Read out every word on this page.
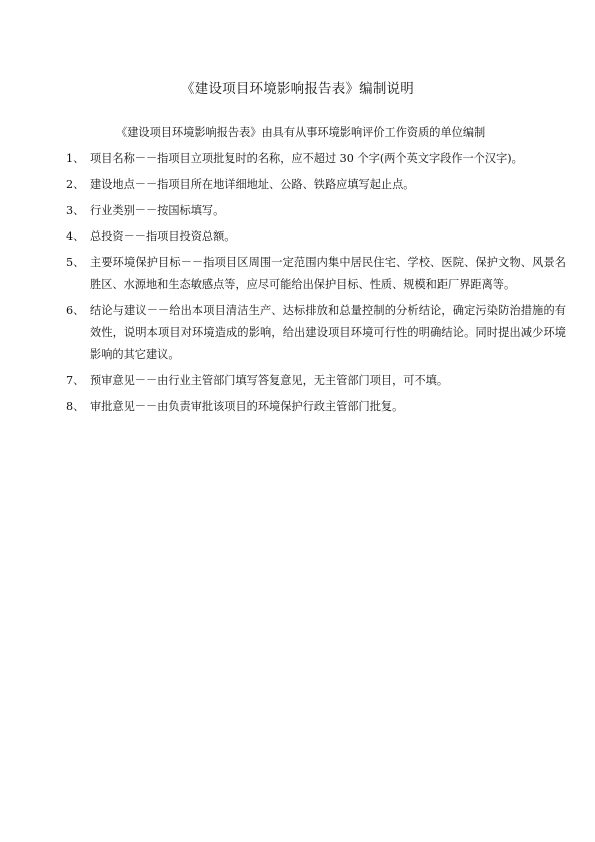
《建设项目环境影响报告表》编制说明
《建设项目环境影响报告表》由具有从事环境影响评价工作资质的单位编制
1、 项目名称－－指项目立项批复时的名称，应不超过 30 个字(两个英文字段作一个汉字)。
2、 建设地点－－指项目所在地详细地址、公路、铁路应填写起止点。
3、 行业类别－－按国标填写。
4、 总投资－－指项目投资总额。
5、 主要环境保护目标－－指项目区周围一定范围内集中居民住宅、学校、医院、保护文物、风景名胜区、水源地和生态敏感点等，应尽可能给出保护目标、性质、规模和距厂界距离等。
6、 结论与建议－－给出本项目清洁生产、达标排放和总量控制的分析结论，确定污染防治措施的有效性，说明本项目对环境造成的影响，给出建设项目环境可行性的明确结论。同时提出减少环境影响的其它建议。
7、 预审意见－－由行业主管部门填写答复意见，无主管部门项目，可不填。
8、 审批意见－－由负责审批该项目的环境保护行政主管部门批复。
